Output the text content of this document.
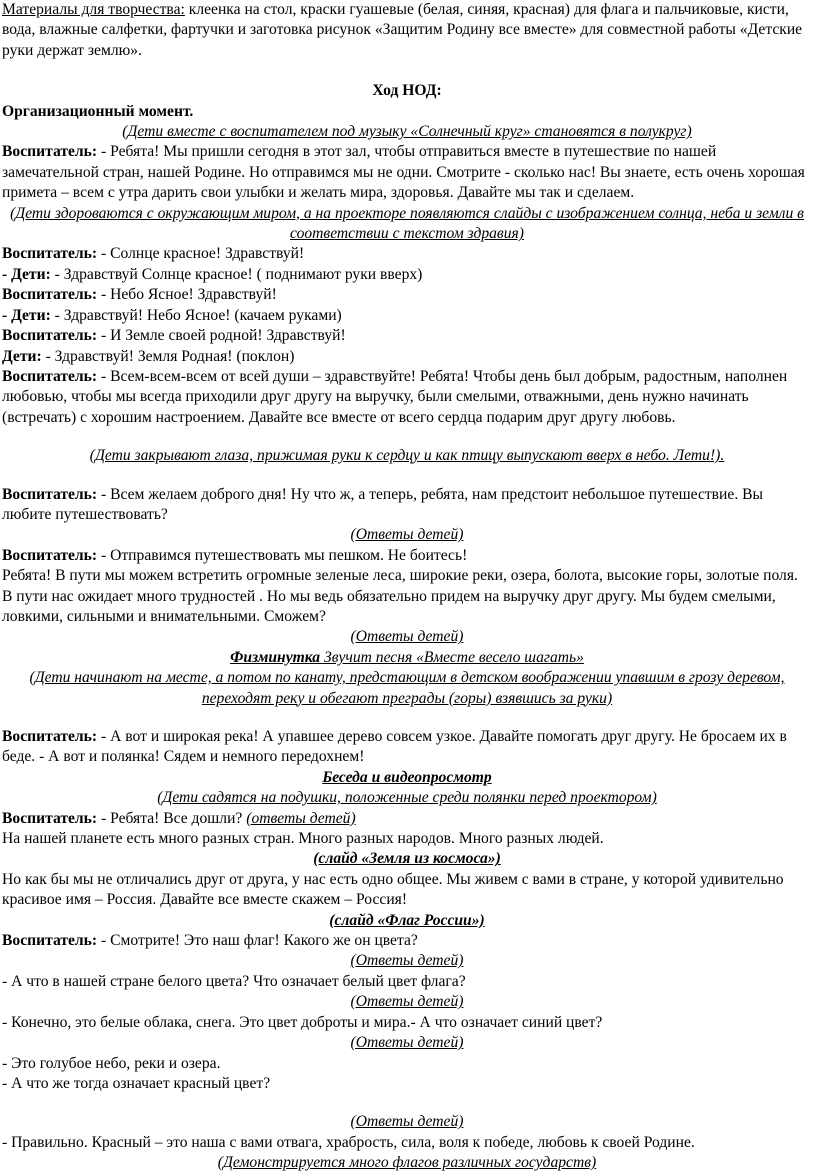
Материалы для творчества: клеенка на стол, краски гуашевые (белая, синяя, красная) для флага и пальчиковые, кисти, вода, влажные салфетки, фартучки и заготовка рисунок «Защитим Родину все вместе» для совместной работы «Детские руки держат землю».

Ход НОД:

Организационный момент.

(Дети вместе с воспитателем под музыку «Солнечный круг» становятся в полукруг)

Воспитатель: - Ребята! Мы пришли сегодня в этот зал, чтобы отправиться вместе в путешествие по нашей замечательной стран, нашей Родине. Но отправимся мы не одни. Смотрите - сколько нас! Вы знаете, есть очень хорошая примета – всем с утра дарить свои улыбки и желать мира, здоровья. Давайте мы так и сделаем.

(Дети здороваются с окружающим миром, а на проекторе появляются слайды с изображением солнца, неба и земли в соответствии с текстом здравия)

Воспитатель: - Солнце красное! Здравствуй!

- Дети: - Здравствуй Солнце красное! ( поднимают руки вверх)

Воспитатель: - Небо Ясное! Здравствуй!

- Дети: - Здравствуй! Небо Ясное! (качаем руками)

Воспитатель: - И Земле своей родной! Здравствуй!

Дети: - Здравствуй! Земля Родная! (поклон)

Воспитатель: - Всем-всем-всем от всей души – здравствуйте! Ребята! Чтобы день был добрым, радостным, наполнен любовью, чтобы мы всегда приходили друг другу на выручку, были смелыми, отважными, день нужно начинать (встречать) с хорошим настроением. Давайте все вместе от всего сердца подарим друг другу любовь.

(Дети закрывают глаза, прижимая руки к сердцу и как птицу выпускают вверх в небо. Лети!).

Воспитатель: - Всем желаем доброго дня! Ну что ж, а теперь, ребята, нам предстоит небольшое путешествие. Вы любите путешествовать?

(Ответы детей)

Воспитатель: - Отправимся путешествовать мы пешком. Не боитесь!

Ребята! В пути мы можем встретить огромные зеленые леса, широкие реки, озера, болота, высокие горы, золотые поля. В пути нас ожидает много трудностей . Но мы ведь обязательно придем на выручку друг другу. Мы будем смелыми, ловкими, сильными и внимательными. Сможем?

(Ответы детей)

Физминутка Звучит песня «Вместе весело шагать»

(Дети начинают на месте, а потом по канату, предстающим в детском воображении упавшим в грозу деревом, переходят реку и обегают преграды (горы) взявшись за руки)

Воспитатель: - А вот и широкая река! А упавшее дерево совсем узкое. Давайте помогать друг другу. Не бросаем их в беде. - А вот и полянка! Сядем и немного передохнем!

Беседа и видеопросмотр

(Дети садятся на подушки, положенные среди полянки перед проектором)

Воспитатель: - Ребята! Все дошли? (ответы детей)

На нашей планете есть много разных стран. Много разных народов. Много разных людей.

(слайд «Земля из космоса»)

Но как бы мы не отличались друг от друга, у нас есть одно общее. Мы живем с вами в стране, у которой удивительно красивое имя – Россия. Давайте все вместе скажем – Россия!

(слайд «Флаг России»)

Воспитатель: - Смотрите! Это наш флаг! Какого же он цвета?

(Ответы детей)

- А что в нашей стране белого цвета? Что означает белый цвет флага?

(Ответы детей)

- Конечно, это белые облака, снега. Это цвет доброты и мира.- А что означает синий цвет?

(Ответы детей)

- Это голубое небо, реки и озера.

- А что же тогда означает красный цвет?

(Ответы детей)

- Правильно. Красный – это наша с вами отвага, храбрость, сила, воля к победе, любовь к своей Родине.

(Демонстрируется много флагов различных государств)
